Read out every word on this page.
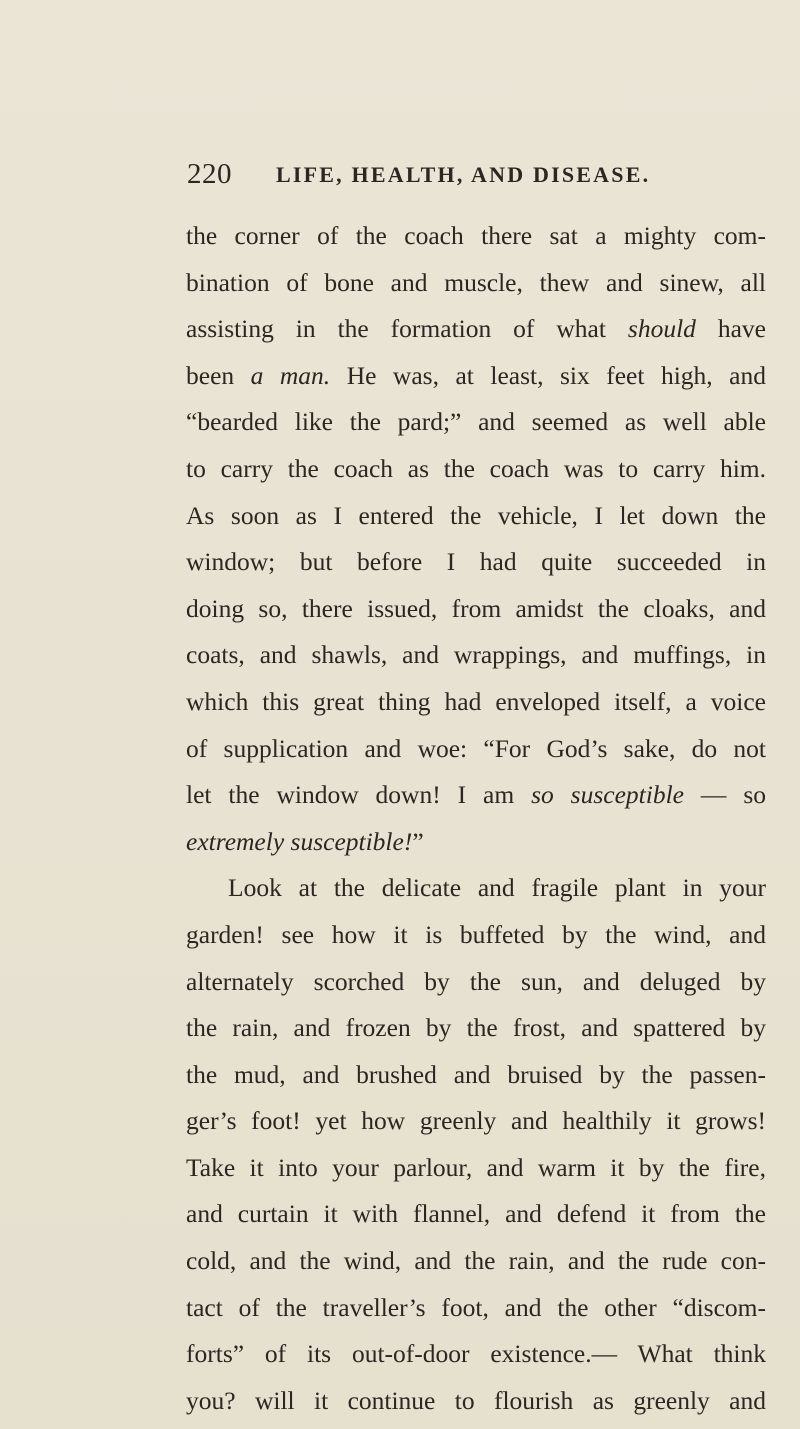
220 LIFE, HEALTH, AND DISEASE.
the corner of the coach there sat a mighty com-
bination of bone and muscle, thew and sinew, all
assisting in the formation of what should have
been a man. He was, at least, six feet high, and
“bearded like the pard;” and seemed as well able
to carry the coach as the coach was to carry him.
As soon as I entered the vehicle, I let down the
window; but before I had quite succeeded in
doing so, there issued, from amidst the cloaks, and
coats, and shawls, and wrappings, and muffings, in
which this great thing had enveloped itself, a voice
of supplication and woe: “For God’s sake, do not
let the window down! I am so susceptible — so
extremely susceptible!”
Look at the delicate and fragile plant in your
garden! see how it is buffeted by the wind, and
alternately scorched by the sun, and deluged by
the rain, and frozen by the frost, and spattered by
the mud, and brushed and bruised by the passen-
ger’s foot! yet how greenly and healthily it grows!
Take it into your parlour, and warm it by the fire,
and curtain it with flannel, and defend it from the
cold, and the wind, and the rain, and the rude con-
tact of the traveller’s foot, and the other “discom-
forts” of its out-of-door existence.— What think
you? will it continue to flourish as greenly and
